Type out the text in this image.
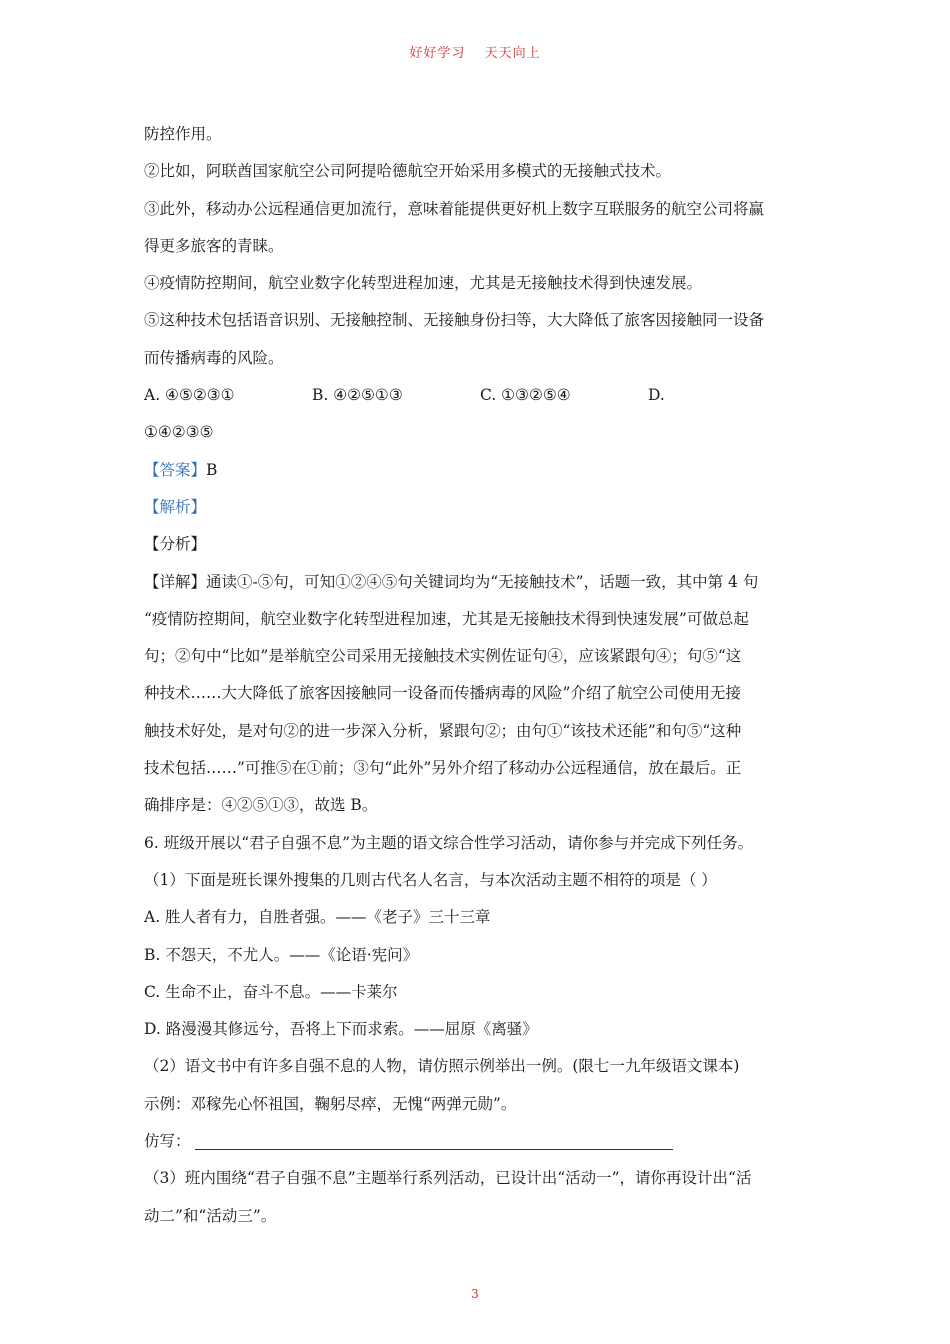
好好学习 天天向上
防控作用。
②比如，阿联酋国家航空公司阿提哈德航空开始采用多模式的无接触式技术。
③此外，移动办公远程通信更加流行，意味着能提供更好机上数字互联服务的航空公司将赢
得更多旅客的青睐。
④疫情防控期间，航空业数字化转型进程加速，尤其是无接触技术得到快速发展。
⑤这种技术包括语音识别、无接触控制、无接触身份扫等，大大降低了旅客因接触同一设备
而传播病毒的风险。
A. ④⑤②③①	B. ④②⑤①③	C. ①③②⑤④	D.
①④②③⑤
【答案】B
【解析】
【分析】
【详解】通读①-⑤句，可知①②④⑤句关键词均为“无接触技术”，话题一致，其中第 4 句
“疫情防控期间，航空业数字化转型进程加速，尤其是无接触技术得到快速发展”可做总起
句；②句中“比如”是举航空公司采用无接触技术实例佐证句④，应该紧跟句④；句⑤“这
种技术……大大降低了旅客因接触同一设备而传播病毒的风险”介绍了航空公司使用无接
触技术好处，是对句②的进一步深入分析，紧跟句②；由句①“该技术还能”和句⑤“这种
技术包括……”可推⑤在①前；③句“此外”另外介绍了移动办公远程通信，放在最后。正
确排序是：④②⑤①③，故选 B。
6. 班级开展以“君子自强不息”为主题的语文综合性学习活动，请你参与并完成下列任务。
（1）下面是班长课外搜集的几则古代名人名言，与本次活动主题不相符的项是（ ）
A. 胜人者有力，自胜者强。——《老子》三十三章
B. 不怨天，不尤人。——《论语·宪问》
C. 生命不止，奋斗不息。——卡莱尔
D. 路漫漫其修远兮，吾将上下而求索。——屈原《离骚》
（2）语文书中有许多自强不息的人物，请仿照示例举出一例。(限七一九年级语文课本)
示例：邓稼先心怀祖国，鞠躬尽瘁，无愧“两弹元勋”。
仿写：
（3）班内围绕“君子自强不息”主题举行系列活动，已设计出“活动一”，请你再设计出“活
动二”和“活动三”。
3
